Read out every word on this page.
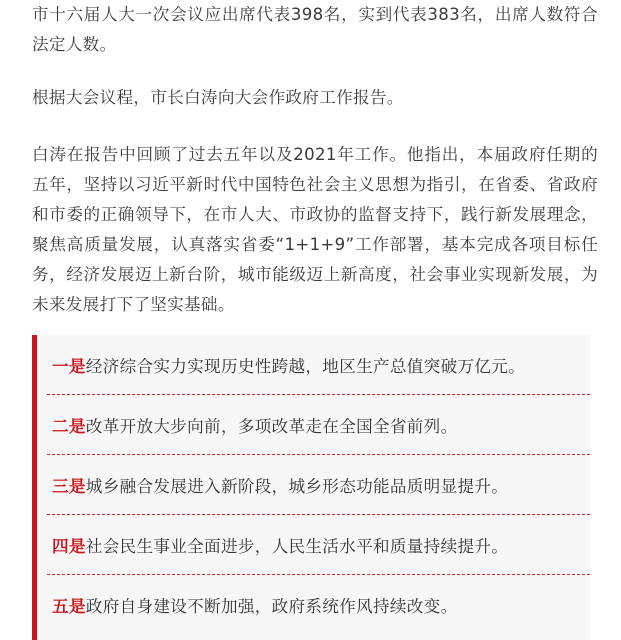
市十六届人大一次会议应出席代表398名，实到代表383名，出席人数符合法定人数。

根据大会议程，市长白涛向大会作政府工作报告。

白涛在报告中回顾了过去五年以及2021年工作。他指出，本届政府任期的五年，坚持以习近平新时代中国特色社会主义思想为指引，在省委、省政府和市委的正确领导下，在市人大、市政协的监督支持下，践行新发展理念，聚焦高质量发展，认真落实省委“1+1+9”工作部署，基本完成各项目标任务，经济发展迈上新台阶，城市能级迈上新高度，社会事业实现新发展，为未来发展打下了坚实基础。

一是 经济综合实力实现历史性跨越，地区生产总值突破万亿元。
二是 改革开放大步向前，多项改革走在全国全省前列。
三是 城乡融合发展进入新阶段，城乡形态功能品质明显提升。
四是 社会民生事业全面进步，人民生活水平和质量持续提升。
五是 政府自身建设不断加强，政府系统作风持续改变。
